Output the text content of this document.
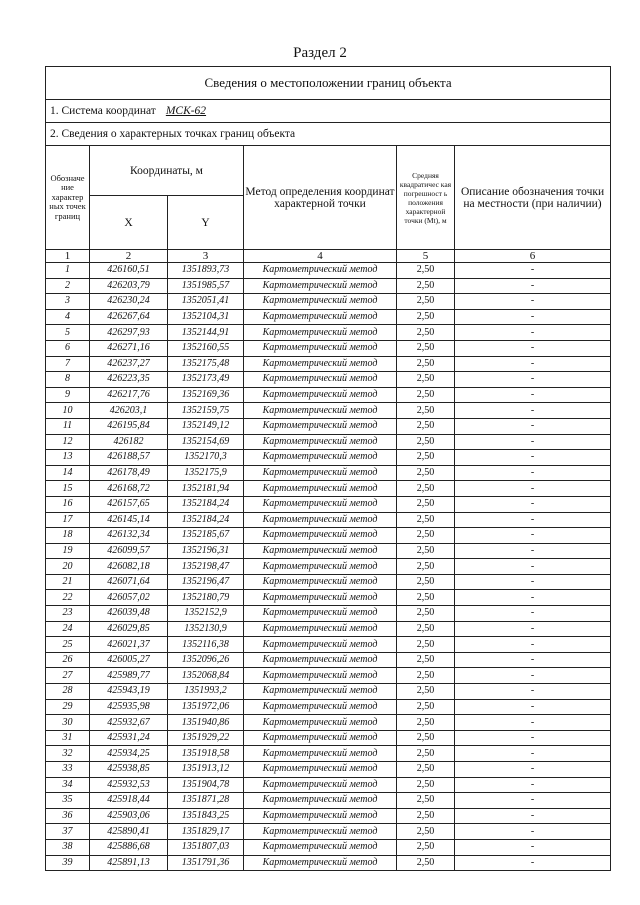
Раздел 2
Сведения о местоположении границ объекта					
1. Система координат МСК-62					
2. Сведения о характерных точках границ объекта					
Обозначе ние характер ных точек границ	Координаты, м		Метод определения координат характерной точки	Средняя квадратичес кая погрешност ь положения характерной точки (Mt), м	Описание обозначения точки на местности (при наличии)
	X	Y			
1	2	3	4	5	6
1	426160,51	1351893,73	Картометрический метод	2,50	-
2	426203,79	1351985,57	Картометрический метод	2,50	-
3	426230,24	1352051,41	Картометрический метод	2,50	-
4	426267,64	1352104,31	Картометрический метод	2,50	-
5	426297,93	1352144,91	Картометрический метод	2,50	-
6	426271,16	1352160,55	Картометрический метод	2,50	-
7	426237,27	1352175,48	Картометрический метод	2,50	-
8	426223,35	1352173,49	Картометрический метод	2,50	-
9	426217,76	1352169,36	Картометрический метод	2,50	-
10	426203,1	1352159,75	Картометрический метод	2,50	-
11	426195,84	1352149,12	Картометрический метод	2,50	-
12	426182	1352154,69	Картометрический метод	2,50	-
13	426188,57	1352170,3	Картометрический метод	2,50	-
14	426178,49	1352175,9	Картометрический метод	2,50	-
15	426168,72	1352181,94	Картометрический метод	2,50	-
16	426157,65	1352184,24	Картометрический метод	2,50	-
17	426145,14	1352184,24	Картометрический метод	2,50	-
18	426132,34	1352185,67	Картометрический метод	2,50	-
19	426099,57	1352196,31	Картометрический метод	2,50	-
20	426082,18	1352198,47	Картометрический метод	2,50	-
21	426071,64	1352196,47	Картометрический метод	2,50	-
22	426057,02	1352180,79	Картометрический метод	2,50	-
23	426039,48	1352152,9	Картометрический метод	2,50	-
24	426029,85	1352130,9	Картометрический метод	2,50	-
25	426021,37	1352116,38	Картометрический метод	2,50	-
26	426005,27	1352096,26	Картометрический метод	2,50	-
27	425989,77	1352068,84	Картометрический метод	2,50	-
28	425943,19	1351993,2	Картометрический метод	2,50	-
29	425935,98	1351972,06	Картометрический метод	2,50	-
30	425932,67	1351940,86	Картометрический метод	2,50	-
31	425931,24	1351929,22	Картометрический метод	2,50	-
32	425934,25	1351918,58	Картометрический метод	2,50	-
33	425938,85	1351913,12	Картометрический метод	2,50	-
34	425932,53	1351904,78	Картометрический метод	2,50	-
35	425918,44	1351871,28	Картометрический метод	2,50	-
36	425903,06	1351843,25	Картометрический метод	2,50	-
37	425890,41	1351829,17	Картометрический метод	2,50	-
38	425886,68	1351807,03	Картометрический метод	2,50	-
39	425891,13	1351791,36	Картометрический метод	2,50	-
